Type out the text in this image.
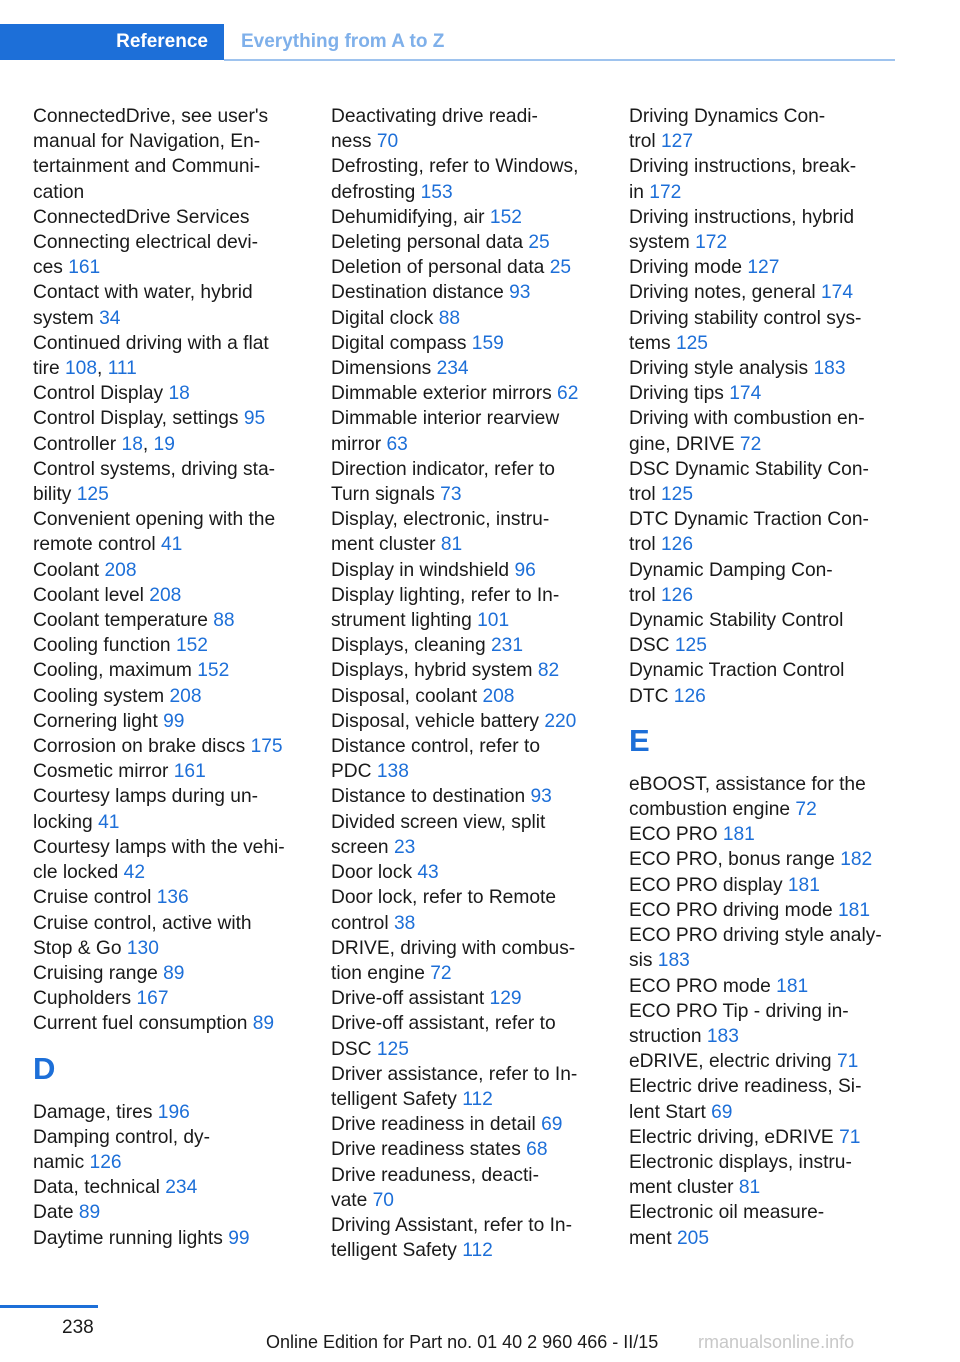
Reference Everything from A to Z
ConnectedDrive, see user's
manual for Navigation, En-
tertainment and Communi-
cation
ConnectedDrive Services
Connecting electrical devi-
ces 161
Contact with water, hybrid
system 34
Continued driving with a flat
tire 108, 111
Control Display 18
Control Display, settings 95
Controller 18, 19
Control systems, driving sta-
bility 125
Convenient opening with the
remote control 41
Coolant 208
Coolant level 208
Coolant temperature 88
Cooling function 152
Cooling, maximum 152
Cooling system 208
Cornering light 99
Corrosion on brake discs 175
Cosmetic mirror 161
Courtesy lamps during un-
locking 41
Courtesy lamps with the vehi-
cle locked 42
Cruise control 136
Cruise control, active with
Stop & Go 130
Cruising range 89
Cupholders 167
Current fuel consumption 89
D
Damage, tires 196
Damping control, dy-
namic 126
Data, technical 234
Date 89
Daytime running lights 99
Deactivating drive readi-
ness 70
Defrosting, refer to Windows,
defrosting 153
Dehumidifying, air 152
Deleting personal data 25
Deletion of personal data 25
Destination distance 93
Digital clock 88
Digital compass 159
Dimensions 234
Dimmable exterior mirrors 62
Dimmable interior rearview
mirror 63
Direction indicator, refer to
Turn signals 73
Display, electronic, instru-
ment cluster 81
Display in windshield 96
Display lighting, refer to In-
strument lighting 101
Displays, cleaning 231
Displays, hybrid system 82
Disposal, coolant 208
Disposal, vehicle battery 220
Distance control, refer to
PDC 138
Distance to destination 93
Divided screen view, split
screen 23
Door lock 43
Door lock, refer to Remote
control 38
DRIVE, driving with combus-
tion engine 72
Drive-off assistant 129
Drive-off assistant, refer to
DSC 125
Driver assistance, refer to In-
telligent Safety 112
Drive readiness in detail 69
Drive readiness states 68
Drive readuness, deacti-
vate 70
Driving Assistant, refer to In-
telligent Safety 112
Driving Dynamics Con-
trol 127
Driving instructions, break-
in 172
Driving instructions, hybrid
system 172
Driving mode 127
Driving notes, general 174
Driving stability control sys-
tems 125
Driving style analysis 183
Driving tips 174
Driving with combustion en-
gine, DRIVE 72
DSC Dynamic Stability Con-
trol 125
DTC Dynamic Traction Con-
trol 126
Dynamic Damping Con-
trol 126
Dynamic Stability Control
DSC 125
Dynamic Traction Control
DTC 126
E
eBOOST, assistance for the
combustion engine 72
ECO PRO 181
ECO PRO, bonus range 182
ECO PRO display 181
ECO PRO driving mode 181
ECO PRO driving style analy-
sis 183
ECO PRO mode 181
ECO PRO Tip - driving in-
struction 183
eDRIVE, electric driving 71
Electric drive readiness, Si-
lent Start 69
Electric driving, eDRIVE 71
Electronic displays, instru-
ment cluster 81
Electronic oil measure-
ment 205
238
Online Edition for Part no. 01 40 2 960 466 - II/15 rmanualsonline.info
